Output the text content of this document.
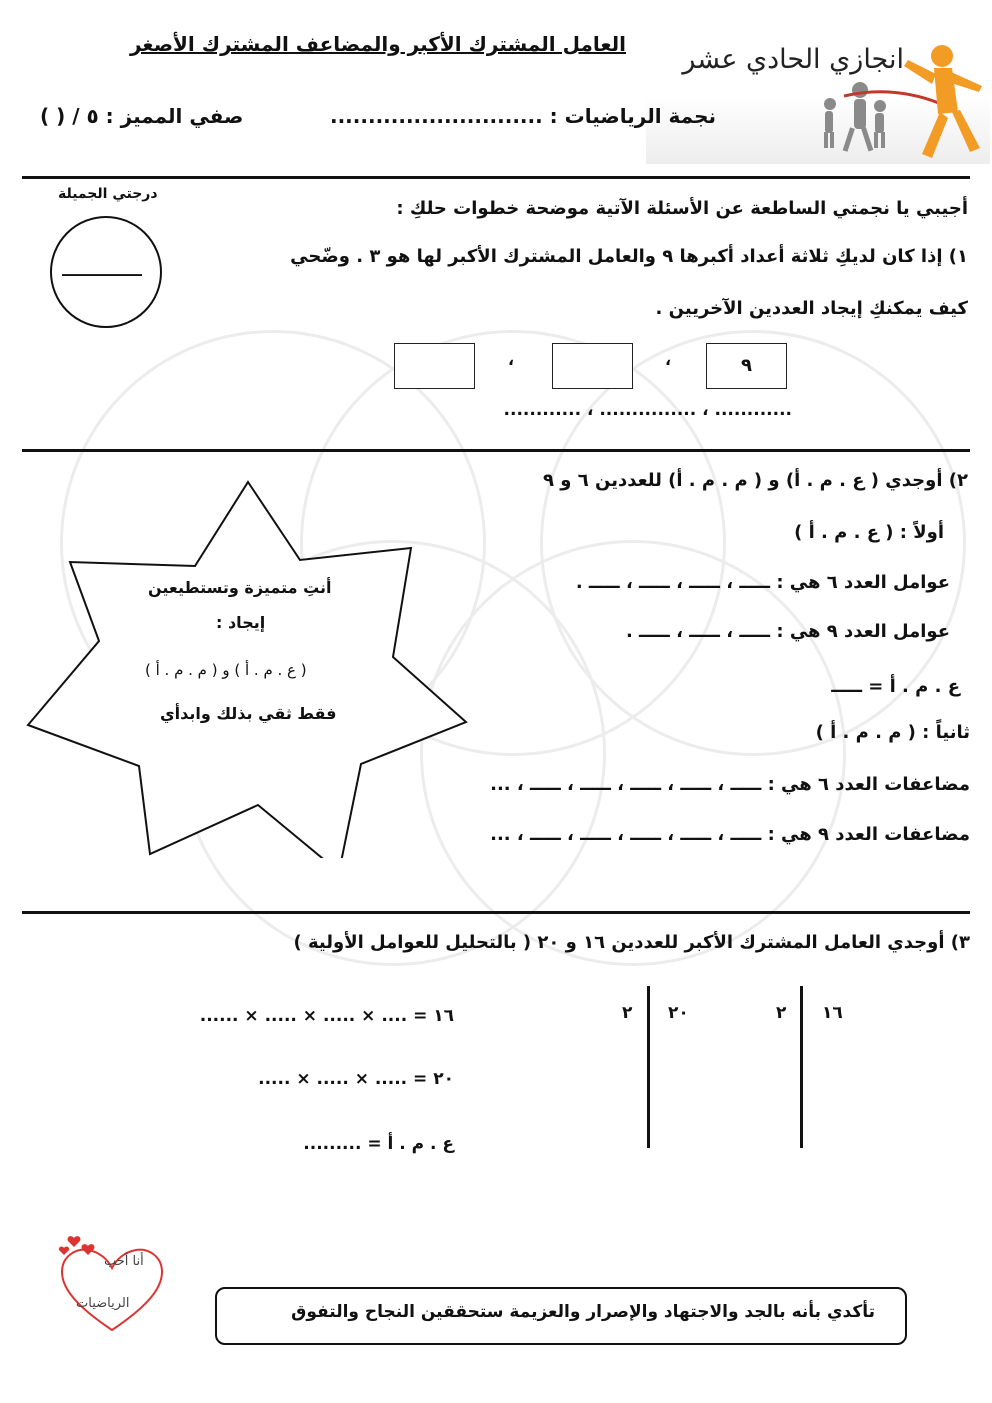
العامل المشترك الأكبر والمضاعف المشترك الأصغر انجازي الحادي عشر
نجمة الرياضيات : ............................
صفي المميز : ٥ / ( )
درجتي الجميلة
________
أجيبي يا نجمتي الساطعة عن الأسئلة الآتية موضحة خطوات حلكِ :
١) إذا كان لديكِ ثلاثة أعداد أكبرها ٩ والعامل المشترك الأكبر لها هو ٣ . وضّحي
كيف يمكنكِ إيجاد العددين الآخريين .
٩
،
،
............ ، ............... ، ............
٢) أوجدي ( ع . م . أ) و ( م . م . أ) للعددين ٦ و ٩
أولاً : ( ع . م . أ )
عوامل العدد ٦ هي : ـــــ ، ـــــ ، ـــــ ، ـــــ .
عوامل العدد ٩ هي : ـــــ ، ـــــ ، ـــــ .
ع . م . أ = ـــــ
ثانياً : ( م . م . أ )
مضاعفات العدد ٦ هي : ـــــ ، ـــــ ، ـــــ ، ـــــ ، ـــــ ، ...
مضاعفات العدد ٩ هي : ـــــ ، ـــــ ، ـــــ ، ـــــ ، ـــــ ، ...
أنتِ متميزة وتستطيعين
إيجاد :
( ع . م . أ ) و ( م . م . أ )
فقط ثقي بذلك وابدأي
٣) أوجدي العامل المشترك الأكبر للعددين ١٦ و ٢٠ ( بالتحليل للعوامل الأولية )
١٦
٢
٢٠
٢
١٦ = .... × ..... × ..... × ......
٢٠ = ..... × ..... × .....
ع . م . أ = .........
أنا أحب
الرياضيات	تأكدي بأنه بالجد والاجتهاد والإصرار والعزيمة ستحققين النجاح والتفوق
